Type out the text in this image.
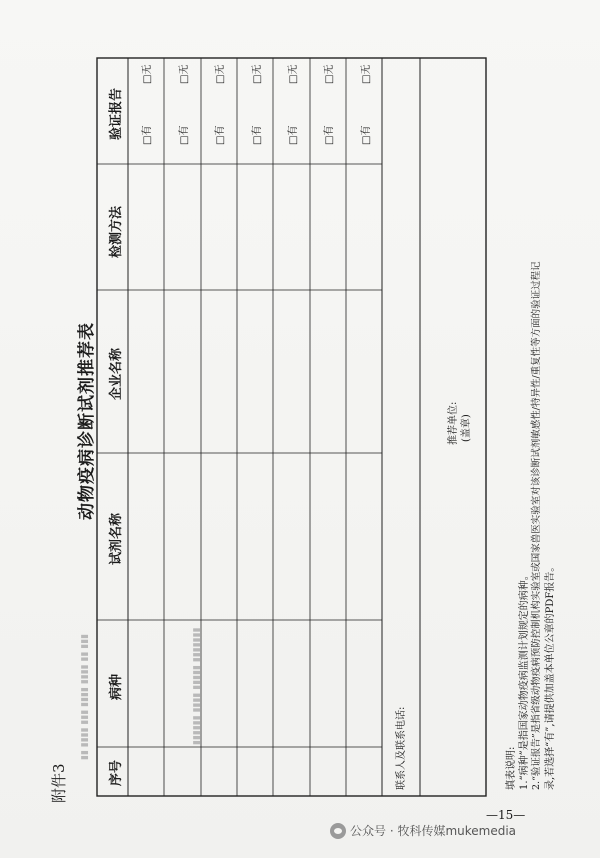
▮▮ ▮▮▮▮ ▮▮▮ ▮▮▮▮ ▮▮▮▮ ▮▮ ▮▮▮	▮▮▮▮▮▮ ▮▮▮▮ ▮▮▮▮▮ ▮▮▮▮▮▮▮
附件3
动物疫病诊断试剂推荐表
序号
病种
试剂名称
企业名称
检测方法
验证报告	□有
□无
□有
□无
□有
□无
□有
□无
□有
□无
□有
□无
□有
□无
联系人及联系电话:
推荐单位: (盖章)
填表说明: 1.“病种”是指国家动物疫病监测计划规定的病种。 2.“验证报告”是指省级动物疫病预防控制机构实验室或国家兽医实验室对该诊断试剂敏感性/特异性/重复性等方面的验证过程记 录,若选择“有”,请提供加盖本单位公章的PDF报告。
—15—
公众号 · 牧科传媒mukemedia
